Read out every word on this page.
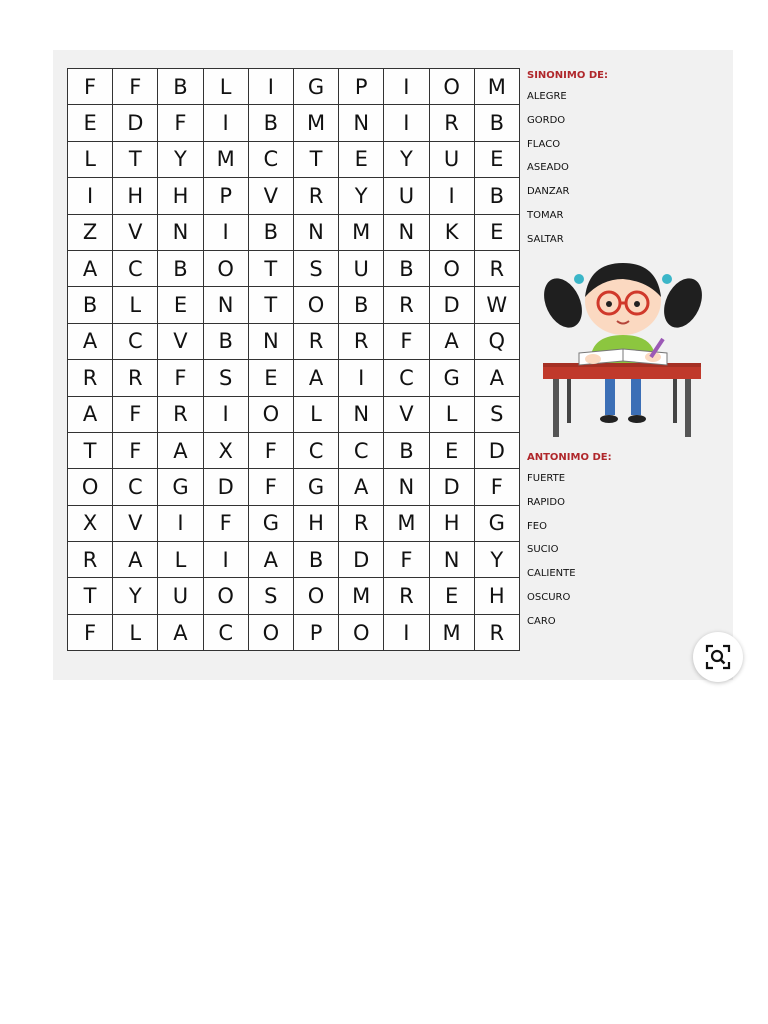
F	F	B	L	I	G	P	I	O	M
E	D	F	I	B	M	N	I	R	B
L	T	Y	M	C	T	E	Y	U	E
I	H	H	P	V	R	Y	U	I	B
Z	V	N	I	B	N	M	N	K	E
A	C	B	O	T	S	U	B	O	R
B	L	E	N	T	O	B	R	D	W
A	C	V	B	N	R	R	F	A	Q
R	R	F	S	E	A	I	C	G	A
A	F	R	I	O	L	N	V	L	S
T	F	A	X	F	C	C	B	E	D
O	C	G	D	F	G	A	N	D	F
X	V	I	F	G	H	R	M	H	G
R	A	L	I	A	B	D	F	N	Y
T	Y	U	O	S	O	M	R	E	H
F	L	A	C	O	P	O	I	M	R
SINONIMO DE:
ALEGRE
GORDO
FLACO
ASEADO
DANZAR
TOMAR
SALTAR
ANTONIMO DE:
FUERTE
RAPIDO
FEO
SUCIO
CALIENTE
OSCURO
CARO
